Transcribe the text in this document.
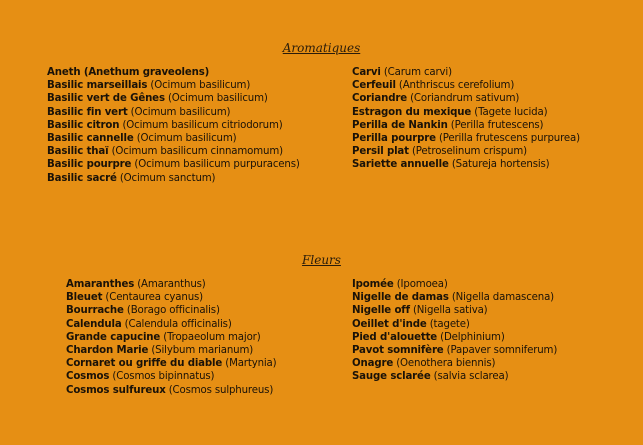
Aromatiques
Aneth (Anethum graveolens)
Basilic marseillais (Ocimum basilicum)
Basilic vert de Gênes (Ocimum basilicum)
Basilic fin vert (Ocimum basilicum)
Basilic citron (Ocimum basilicum citriodorum)
Basilic cannelle (Ocimum basilicum)
Basilic thaï (Ocimum basilicum cinnamomum)
Basilic pourpre (Ocimum basilicum purpuracens)
Basilic sacré (Ocimum sanctum)
Carvi (Carum carvi)
Cerfeuil (Anthriscus cerefolium)
Coriandre (Coriandrum sativum)
Estragon du mexique (Tagete lucida)
Perilla de Nankin (Perilla frutescens)
Perilla pourpre (Perilla frutescens purpurea)
Persil plat (Petroselinum crispum)
Sariette annuelle (Satureja hortensis)
Fleurs
Amaranthes (Amaranthus)
Bleuet (Centaurea cyanus)
Bourrache (Borago officinalis)
Calendula (Calendula officinalis)
Grande capucine (Tropaeolum major)
Chardon Marie (Silybum marianum)
Cornaret ou griffe du diable (Martynia)
Cosmos (Cosmos bipinnatus)
Cosmos sulfureux (Cosmos sulphureus)
Ipomée (Ipomoea)
Nigelle de damas (Nigella damascena)
Nigelle off (Nigella sativa)
Oeillet d'inde (tagete)
Pied d'alouette (Delphinium)
Pavot somnifère (Papaver somniferum)
Onagre (Oenothera biennis)
Sauge sclarée (salvia sclarea)
